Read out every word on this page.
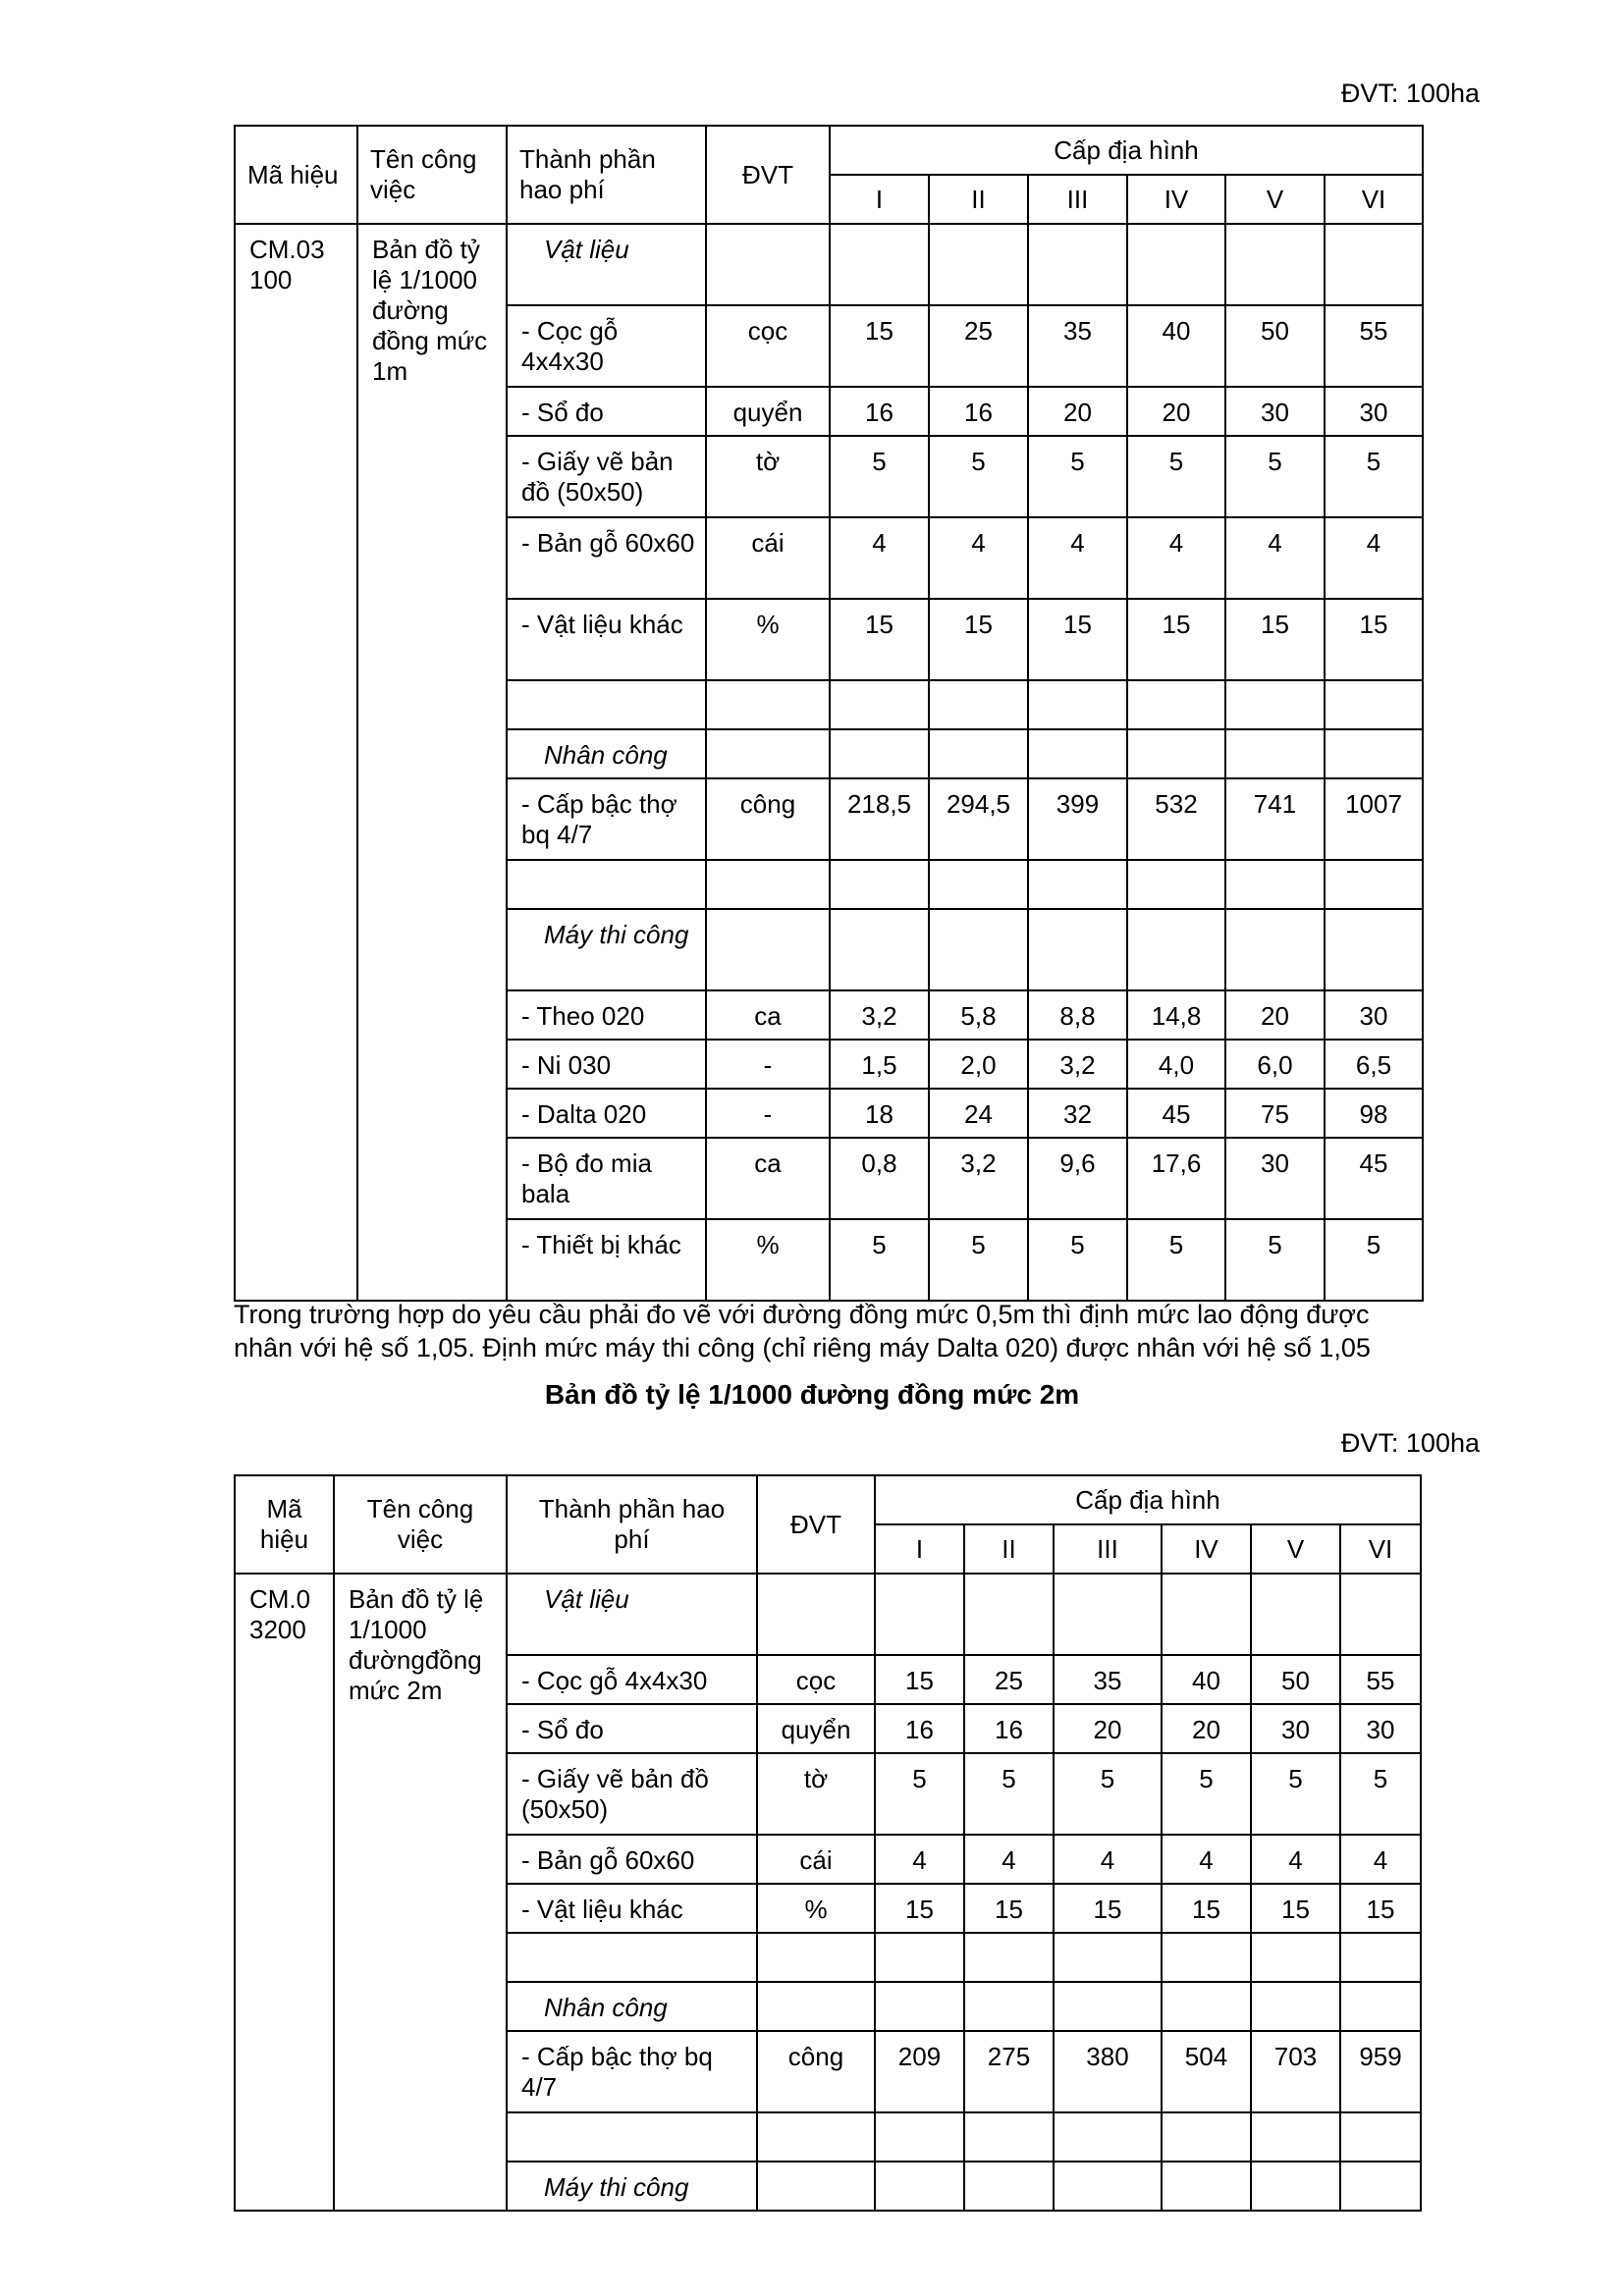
ĐVT: 100ha
Mã hiệu	Tên công việc	Thành phần hao phí	ĐVT	Cấp địa hình					

				I	II	III	IV	V	VI

CM.03 100	Bản đồ tỷ lệ 1/1000 đường đồng mức 1m	Vật liệu							

		- Cọc gỗ 4x4x30	cọc	15	25	35	40	50	55

		- Sổ đo	quyển	16	16	20	20	30	30

		- Giấy vẽ bản đồ (50x50)	tờ	5	5	5	5	5	5

		- Bản gỗ 60x60	cái	4	4	4	4	4	4

		- Vật liệu khác	%	15	15	15	15	15	15

		Nhân công							

		- Cấp bậc thợ bq 4/7	công	218,5	294,5	399	532	741	1007

		Máy thi công							

		- Theo 020	ca	3,2	5,8	8,8	14,8	20	30

		- Ni 030	-	1,5	2,0	3,2	4,0	6,0	6,5

		- Dalta 020	-	18	24	32	45	75	98

		- Bộ đo mia bala	ca	0,8	3,2	9,6	17,6	30	45

		- Thiết bị khác	%	5	5	5	5	5	5

Trong trường hợp do yêu cầu phải đo vẽ với đường đồng mức 0,5m thì định mức lao động được nhân với hệ số 1,05. Định mức máy thi công (chỉ riêng máy Dalta 020) được nhân với hệ số 1,05

Bản đồ tỷ lệ 1/1000 đường đồng mức 2m

ĐVT: 100ha
Mã hiệu	Tên công việc	Thành phần hao phí	ĐVT	Cấp địa hình					

				I	II	III	IV	V	VI

CM.0 3200	Bản đồ tỷ lệ 1/1000 đườngđồng mức 2m	Vật liệu							

		- Cọc gỗ 4x4x30	cọc	15	25	35	40	50	55

		- Sổ đo	quyển	16	16	20	20	30	30

		- Giấy vẽ bản đồ (50x50)	tờ	5	5	5	5	5	5

		- Bản gỗ 60x60	cái	4	4	4	4	4	4

		- Vật liệu khác	%	15	15	15	15	15	15

		Nhân công							

		- Cấp bậc thợ bq 4/7	công	209	275	380	504	703	959

		Máy thi công							
